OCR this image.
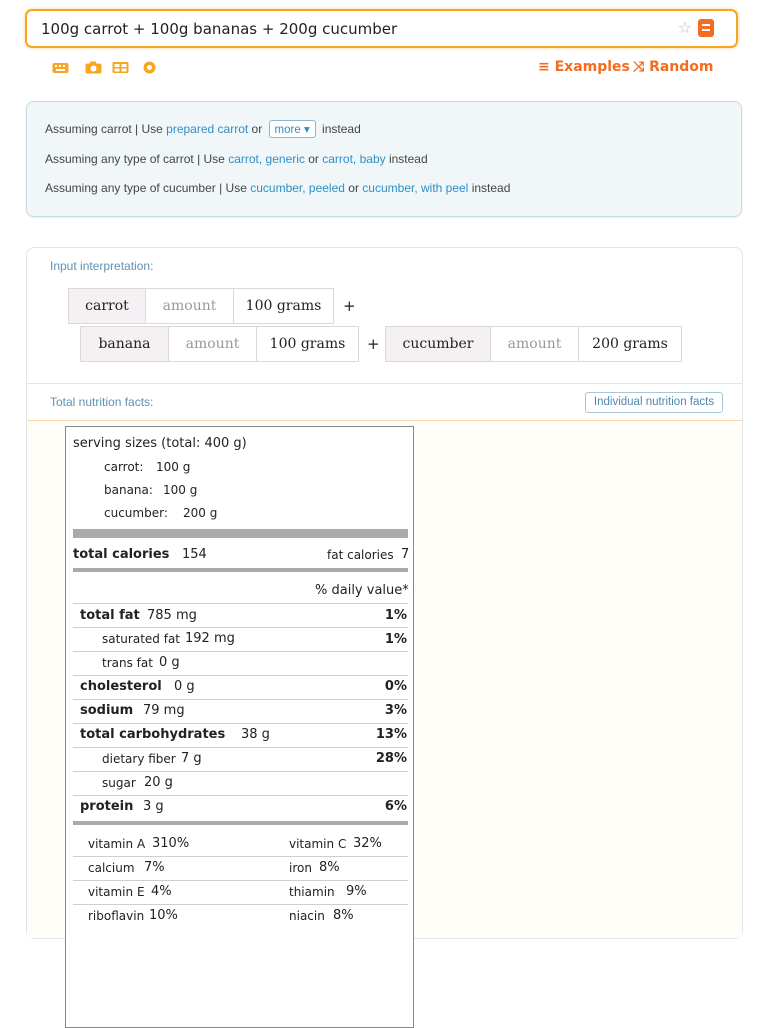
100g carrot + 100g bananas + 200g cucumber
☆
≡ Examples ⤨ Random
Assuming carrot | Use prepared carrot or more ▾ instead
Assuming any type of carrot | Use carrot, generic or carrot, baby instead
Assuming any type of cucumber | Use cucumber, peeled or cucumber, with peel instead
Input interpretation:
carrot	amount	100 grams	+
banana	amount	100 grams	+	cucumber	amount	200 grams
Total nutrition facts:	Individual nutrition facts
serving sizes (total: 400 g)
carrot: 100 g
banana: 100 g
cucumber: 200 g
total calories 154	fat calories 7
% daily value*
total fat 785 mg	1%
saturated fat 192 mg	1%
trans fat 0 g
cholesterol 0 g	0%
sodium 79 mg	3%
total carbohydrates 38 g	13%
dietary fiber 7 g	28%
sugar 20 g
protein 3 g	6%
vitamin A 310%	vitamin C 32%
calcium 7%	iron 8%
vitamin E 4%	thiamin 9%
riboflavin 10%	niacin 8%
